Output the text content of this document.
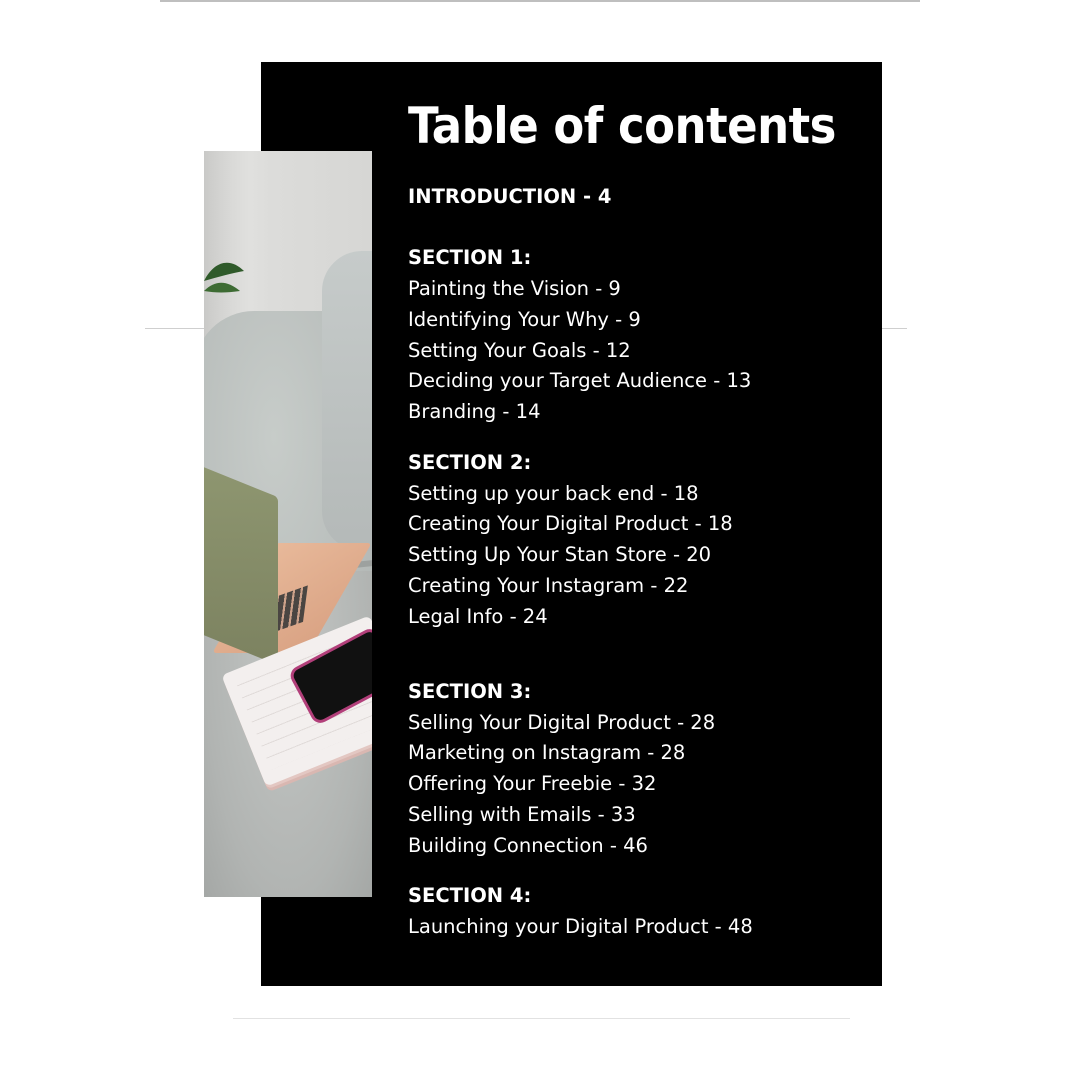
Table of contents
INTRODUCTION - 4
SECTION 1:
Painting the Vision - 9
Identifying Your Why - 9
Setting Your Goals - 12
Deciding your Target Audience - 13
Branding - 14
SECTION 2:
Setting up your back end - 18
Creating Your Digital Product - 18
Setting Up Your Stan Store - 20
Creating Your Instagram - 22
Legal Info - 24
SECTION 3:
Selling Your Digital Product - 28
Marketing on Instagram - 28
Offering Your Freebie - 32
Selling with Emails - 33
Building Connection - 46
SECTION 4:
Launching your Digital Product - 48
